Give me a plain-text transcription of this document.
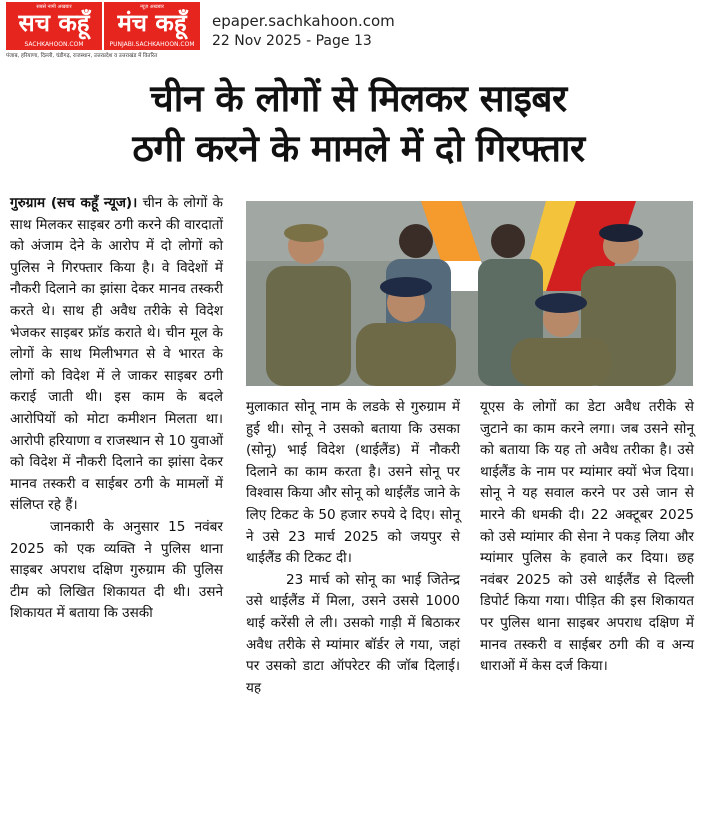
सबसे नामी अखबार
सच कहूँ
SACHKAHOON.COM
न्यूज़ अखबार
मंच कहूँ
PUNJABI.SACHKAHOON.COM
पंजाब, हरियाणा, दिल्ली, चंडीगढ़, राजस्थान, उत्तरप्रदेश व उत्तराखंड में वितरित
epaper.sachkahoon.com
22 Nov 2025 - Page 13
चीन के लोगों से मिलकर साइबर
ठगी करने के मामले में दो गिरफ्तार

गुरुग्राम (सच कहूँ न्यूज)। चीन के लोगों के साथ मिलकर साइबर ठगी करने की वारदातों को अंजाम देने के आरोप में दो लोगों को पुलिस ने गिरफ्तार किया है। वे विदेशों में नौकरी दिलाने का झांसा देकर मानव तस्करी करते थे। साथ ही अवैध तरीके से विदेश भेजकर साइबर फ्रॉड कराते थे। चीन मूल के लोगों के साथ मिलीभगत से वे भारत के लोगों को विदेश में ले जाकर साइबर ठगी कराई जाती थी। इस काम के बदले आरोपियों को मोटा कमीशन मिलता था। आरोपी हरियाणा व राजस्थान से 10 युवाओं को विदेश में नौकरी दिलाने का झांसा देकर मानव तस्करी व साईबर ठगी के मामलों में संलिप्त रहे हैं।

जानकारी के अनुसार 15 नवंबर 2025 को एक व्यक्ति ने पुलिस थाना साइबर अपराध दक्षिण गुरुग्राम की पुलिस टीम को लिखित शिकायत दी थी। उसने शिकायत में बताया कि उसकी

मुलाकात सोनू नाम के लडके से गुरुग्राम में हुई थी। सोनू ने उसको बताया कि उसका (सोनू) भाई विदेश (थाईलैंड) में नौकरी दिलाने का काम करता है। उसने सोनू पर विश्वास किया और सोनू को थाईलैंड जाने के लिए टिकट के 50 हजार रुपये दे दिए। सोनू ने उसे 23 मार्च 2025 को जयपुर से थाईलैंड की टिकट दी।

23 मार्च को सोनू का भाई जितेन्द्र उसे थाईलैंड में मिला, उसने उससे 1000 थाई करेंसी ले ली। उसको गाड़ी में बिठाकर अवैध तरीके से म्यांमार बॉर्डर ले गया, जहां पर उसको डाटा ऑपरेटर की जॉब दिलाई। यह

यूएस के लोगों का डेटा अवैध तरीके से जुटाने का काम करने लगा। जब उसने सोनू को बताया कि यह तो अवैध तरीका है। उसे थाईलैंड के नाम पर म्यांमार क्यों भेज दिया। सोनू ने यह सवाल करने पर उसे जान से मारने की धमकी दी। 22 अक्टूबर 2025 को उसे म्यांमार की सेना ने पकड़ लिया और म्यांमार पुलिस के हवाले कर दिया। छह नवंबर 2025 को उसे थाईलैंड से दिल्ली डिपोर्ट किया गया। पीड़ित की इस शिकायत पर पुलिस थाना साइबर अपराध दक्षिण में मानव तस्करी व साईबर ठगी की व अन्य धाराओं में केस दर्ज किया।
